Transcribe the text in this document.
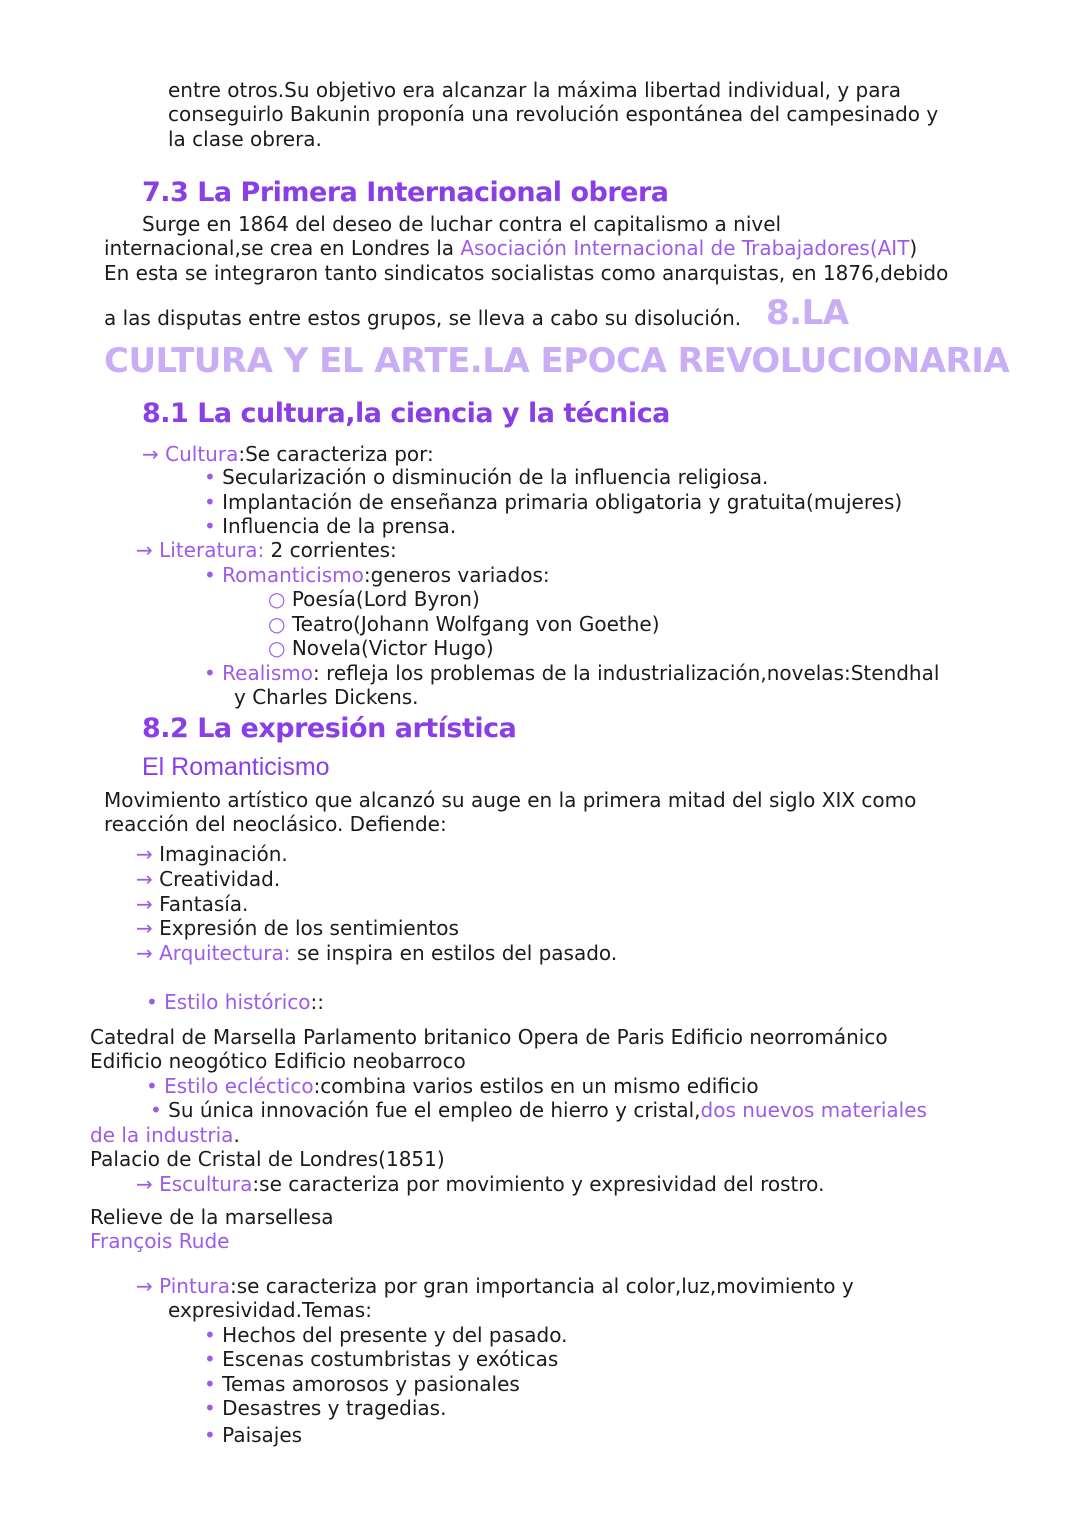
entre otros.Su objetivo era alcanzar la máxima libertad individual, y para
conseguirlo Bakunin proponía una revolución espontánea del campesinado y
la clase obrera.
7.3 La Primera Internacional obrera
Surge en 1864 del deseo de luchar contra el capitalismo a nivel
internacional,se crea en Londres la Asociación Internacional de Trabajadores(AIT)
En esta se integraron tanto sindicatos socialistas como anarquistas, en 1876,debido
a las disputas entre estos grupos, se lleva a cabo su disolución. 8.LA
CULTURA Y EL ARTE.LA EPOCA REVOLUCIONARIA
8.1 La cultura,la ciencia y la técnica
→ Cultura:Se caracteriza por:
• Secularización o disminución de la influencia religiosa.
• Implantación de enseñanza primaria obligatoria y gratuita(mujeres)
• Influencia de la prensa.
→ Literatura: 2 corrientes:
• Romanticismo:generos variados:
○ Poesía(Lord Byron)
○ Teatro(Johann Wolfgang von Goethe)
○ Novela(Victor Hugo)
• Realismo: refleja los problemas de la industrialización,novelas:Stendhal
y Charles Dickens.
8.2 La expresión artística
El Romanticismo
Movimiento artístico que alcanzó su auge en la primera mitad del siglo XIX como
reacción del neoclásico. Defiende:
→ Imaginación.
→ Creatividad.
→ Fantasía.
→ Expresión de los sentimientos
→ Arquitectura: se inspira en estilos del pasado.
• Estilo histórico::
Catedral de Marsella Parlamento britanico Opera de Paris Edificio neorrománico
Edificio neogótico Edificio neobarroco
• Estilo ecléctico:combina varios estilos en un mismo edificio
• Su única innovación fue el empleo de hierro y cristal,dos nuevos materiales
de la industria.
Palacio de Cristal de Londres(1851)
→ Escultura:se caracteriza por movimiento y expresividad del rostro.
Relieve de la marsellesa
François Rude
→ Pintura:se caracteriza por gran importancia al color,luz,movimiento y
expresividad.Temas:
• Hechos del presente y del pasado.
• Escenas costumbristas y exóticas
• Temas amorosos y pasionales
• Desastres y tragedias.
• Paisajes
